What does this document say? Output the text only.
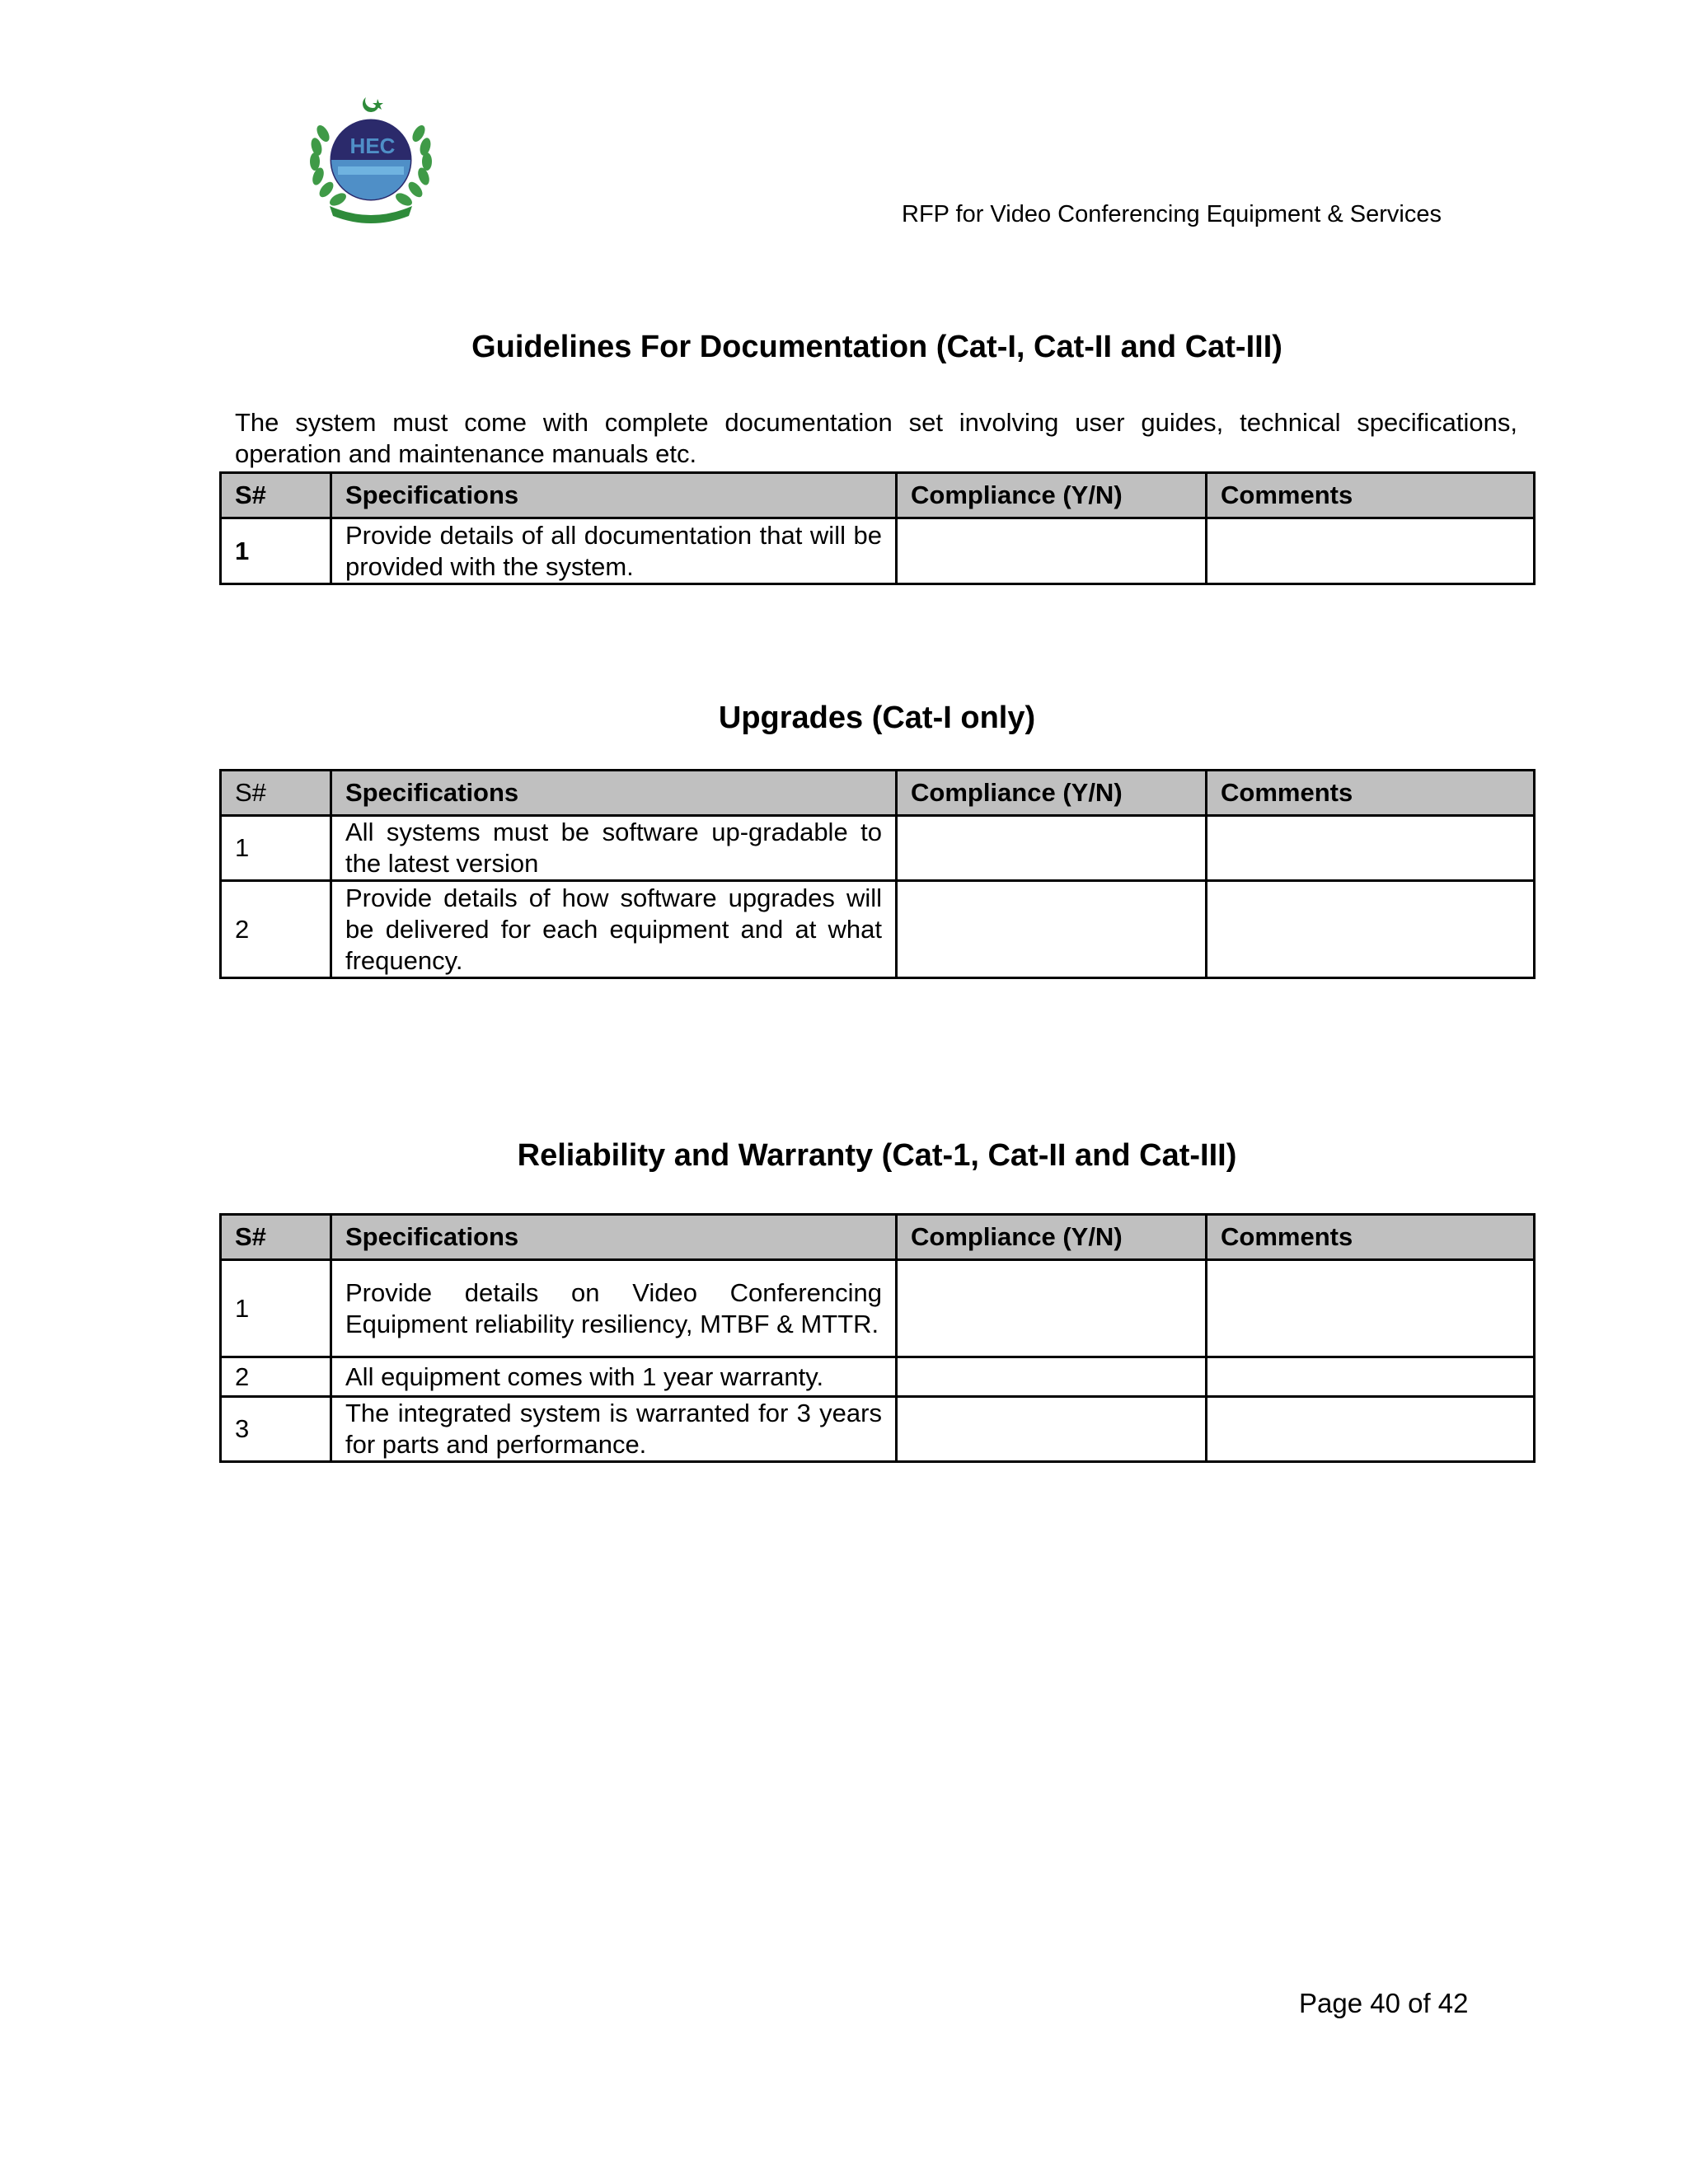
HEC
RFP for Video Conferencing Equipment & Services
Guidelines For Documentation (Cat-I, Cat-II and Cat-III)
The system must come with complete documentation set involving user guides, technical specifications, operation and maintenance manuals etc.
S#	Specifications	Compliance (Y/N)	Comments
1	Provide details of all documentation that will be provided with the system.		
Upgrades (Cat-I only)
S#	Specifications	Compliance (Y/N)	Comments
1	All systems must be software up-gradable to the latest version		
2	Provide details of how software upgrades will be delivered for each equipment and at what frequency.		
Reliability and Warranty (Cat-1, Cat-II and Cat-III)
S#	Specifications	Compliance (Y/N)	Comments
1	Provide details on Video Conferencing Equipment reliability resiliency, MTBF & MTTR.		
2	All equipment comes with 1 year warranty.		
3	The integrated system is warranted for 3 years for parts and performance.		
Page 40 of 42
